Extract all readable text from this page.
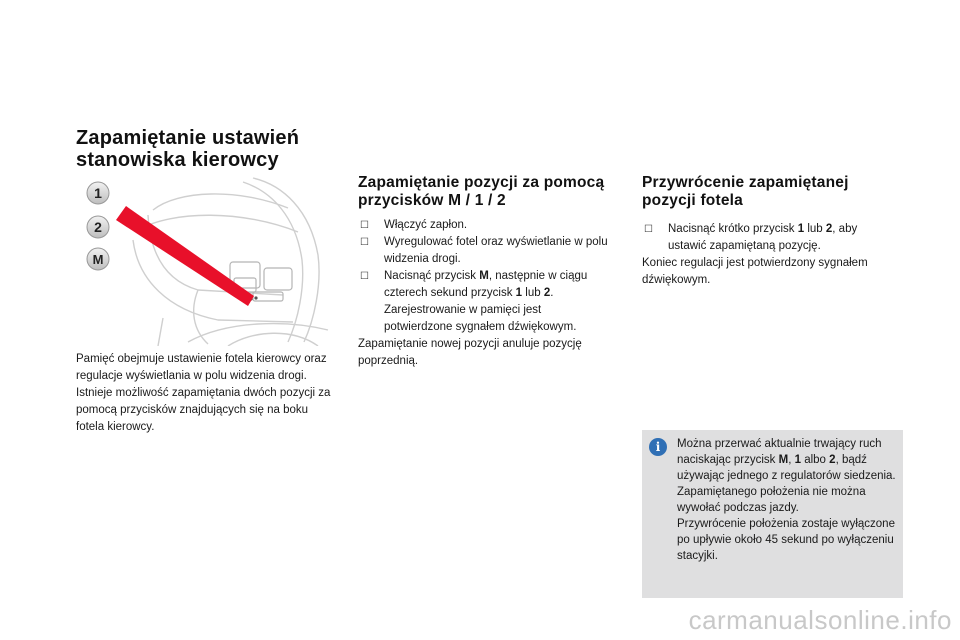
Zapamiętanie ustawień stanowiska kierowcy
1
2
M
Pamięć obejmuje ustawienie fotela kierowcy oraz regulacje wyświetlania w polu widzenia drogi. Istnieje możliwość zapamiętania dwóch pozycji za pomocą przycisków znajdujących się na boku fotela kierowcy.
Zapamiętanie pozycji za pomocą przycisków M / 1 / 2
☐ Włączyć zapłon.
☐ Wyregulować fotel oraz wyświetlanie w polu widzenia drogi.
☐ Nacisnąć przycisk M, następnie w ciągu czterech sekund przycisk 1 lub 2. Zarejestrowanie w pamięci jest potwierdzone sygnałem dźwiękowym.
Zapamiętanie nowej pozycji anuluje pozycję poprzednią.
Przywrócenie zapamiętanej pozycji fotela
☐ Nacisnąć krótko przycisk 1 lub 2, aby ustawić zapamiętaną pozycję.
Koniec regulacji jest potwierdzony sygnałem dźwiękowym.
i	Można przerwać aktualnie trwający ruch naciskając przycisk M, 1 albo 2, bądź używając jednego z regulatorów siedzenia.
Zapamiętanego położenia nie można wywołać podczas jazdy.
Przywrócenie położenia zostaje wyłączone po upływie około 45 sekund po wyłączeniu stacyjki.
carmanualsonline.info
